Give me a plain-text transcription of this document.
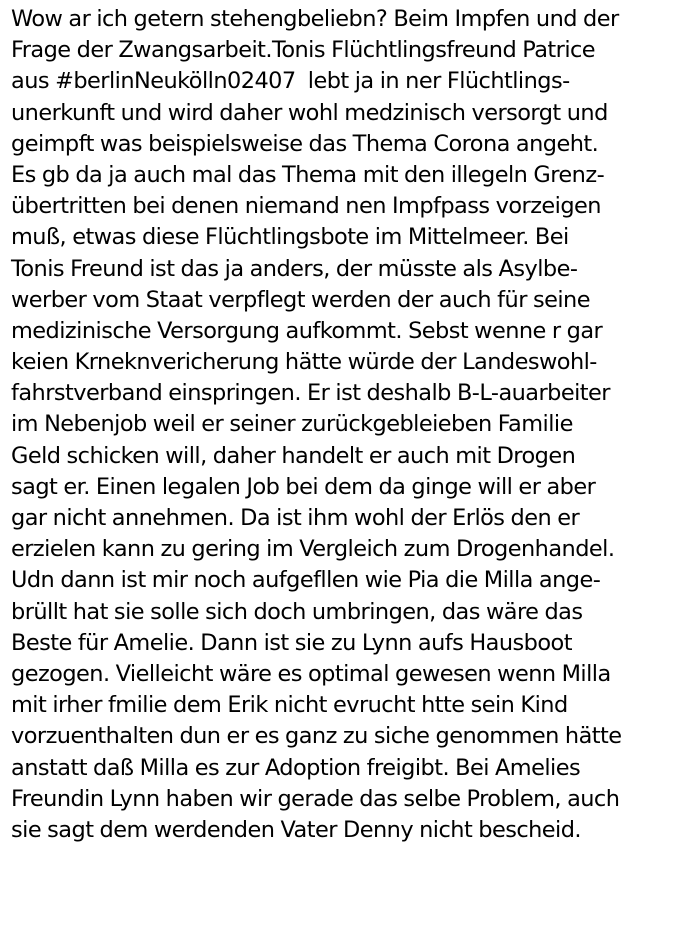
Wow ar ich getern stehengbeliebn? Beim Impfen und der
Frage der Zwangsarbeit.Tonis Flüchtlingsfreund Patrice
aus #berlinNeukölln02407  lebt ja in ner Flüchtlings-
unerkunft und wird daher wohl medzinisch versorgt und
geimpft was beispielsweise das Thema Corona angeht.
Es gb da ja auch mal das Thema mit den illegeln Grenz-
übertritten bei denen niemand nen Impfpass vorzeigen
muß, etwas diese Flüchtlingsbote im Mittelmeer. Bei
Tonis Freund ist das ja anders, der müsste als Asylbe-
werber vom Staat verpflegt werden der auch für seine
medizinische Versorgung aufkommt. Sebst wenne r gar
keien Krneknvericherung hätte würde der Landeswohl-
fahrstverband einspringen. Er ist deshalb B-L-auarbeiter
im Nebenjob weil er seiner zurückgebleieben Familie
Geld schicken will, daher handelt er auch mit Drogen
sagt er. Einen legalen Job bei dem da ginge will er aber
gar nicht annehmen. Da ist ihm wohl der Erlös den er
erzielen kann zu gering im Vergleich zum Drogenhandel.
Udn dann ist mir noch aufgefllen wie Pia die Milla ange-
brüllt hat sie solle sich doch umbringen, das wäre das
Beste für Amelie. Dann ist sie zu Lynn aufs Hausboot
gezogen. Vielleicht wäre es optimal gewesen wenn Milla
mit irher fmilie dem Erik nicht evrucht htte sein Kind
vorzuenthalten dun er es ganz zu siche genommen hätte
anstatt daß Milla es zur Adoption freigibt. Bei Amelies
Freundin Lynn haben wir gerade das selbe Problem, auch
sie sagt dem werdenden Vater Denny nicht bescheid.
